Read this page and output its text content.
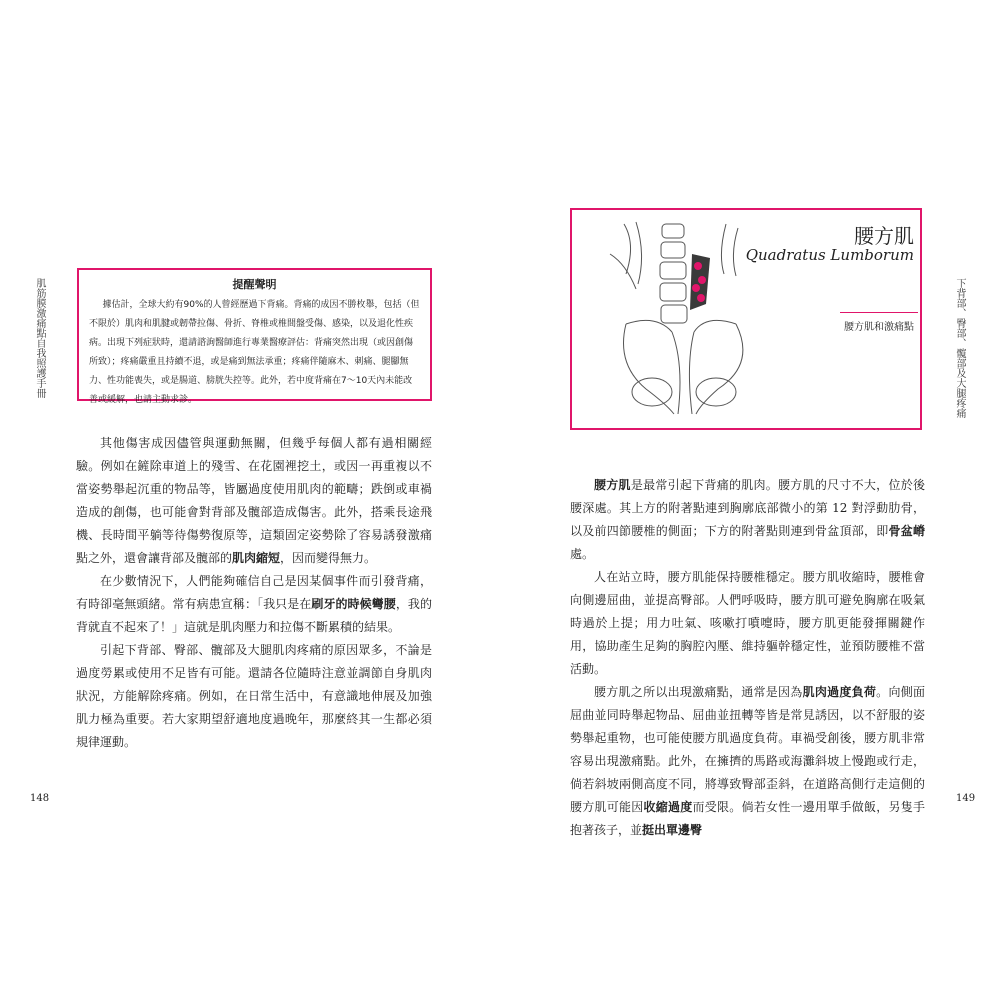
肌筋膜激痛點自我照護手冊	提醒聲明

據估計，全球大約有90%的人曾經歷過下背痛。背痛的成因不勝枚舉，包括（但不限於）肌肉和肌腱或韌帶拉傷、骨折、脊椎或椎間盤受傷、感染，以及退化性疾病。出現下列症狀時，還請諮詢醫師進行專業醫療評估：背痛突然出現（或因創傷所致）；疼痛嚴重且持續不退，或是痛到無法承重；疼痛伴隨麻木、刺痛、腿腳無力、性功能喪失，或是腸道、膀胱失控等。此外，若中度背痛在7～10天內未能改善或緩解，也請主動求診。

其他傷害成因儘管與運動無關，但幾乎每個人都有過相關經驗。例如在鏟除車道上的殘雪、在花園裡挖土，或因一再重複以不當姿勢舉起沉重的物品等，皆屬過度使用肌肉的範疇；跌倒或車禍造成的創傷，也可能會對背部及髖部造成傷害。此外，搭乘長途飛機、長時間平躺等待傷勢復原等，這類固定姿勢除了容易誘發激痛點之外，還會讓背部及髖部的肌肉縮短，因而變得無力。

在少數情況下，人們能夠確信自己是因某個事件而引發背痛，有時卻毫無頭緒。常有病患宣稱：「我只是在刷牙的時候彎腰，我的背就直不起來了！」這就是肌肉壓力和拉傷不斷累積的結果。

引起下背部、臀部、髖部及大腿肌肉疼痛的原因眾多，不論是過度勞累或使用不足皆有可能。還請各位隨時注意並調節自身肌肉狀況，方能解除疼痛。例如，在日常生活中，有意識地伸展及加強肌力極為重要。若大家期望舒適地度過晚年，那麼終其一生都必須規律運動。

148
腰方肌
Quadratus Lumborum
腰方肌和激痛點

腰方肌是最常引起下背痛的肌肉。腰方肌的尺寸不大，位於後腰深處。其上方的附著點連到胸廓底部微小的第 12 對浮動肋骨，以及前四節腰椎的側面；下方的附著點則連到骨盆頂部，即骨盆嵴處。

人在站立時，腰方肌能保持腰椎穩定。腰方肌收縮時，腰椎會向側邊屈曲，並提高臀部。人們呼吸時，腰方肌可避免胸廓在吸氣時過於上提；用力吐氣、咳嗽打噴嚏時，腰方肌更能發揮關鍵作用，協助產生足夠的胸腔內壓、維持軀幹穩定性，並預防腰椎不當活動。

腰方肌之所以出現激痛點，通常是因為肌肉過度負荷。向側面屈曲並同時舉起物品、屈曲並扭轉等皆是常見誘因，以不舒服的姿勢舉起重物，也可能使腰方肌過度負荷。車禍受創後，腰方肌非常容易出現激痛點。此外，在擁擠的馬路或海灘斜坡上慢跑或行走，倘若斜坡兩側高度不同，將導致臀部歪斜，在道路高側行走這側的腰方肌可能因收縮過度而受限。倘若女性一邊用單手做飯，另隻手抱著孩子，並挺出單邊臀

下背部、臀部、髖部及大腿疼痛
149
